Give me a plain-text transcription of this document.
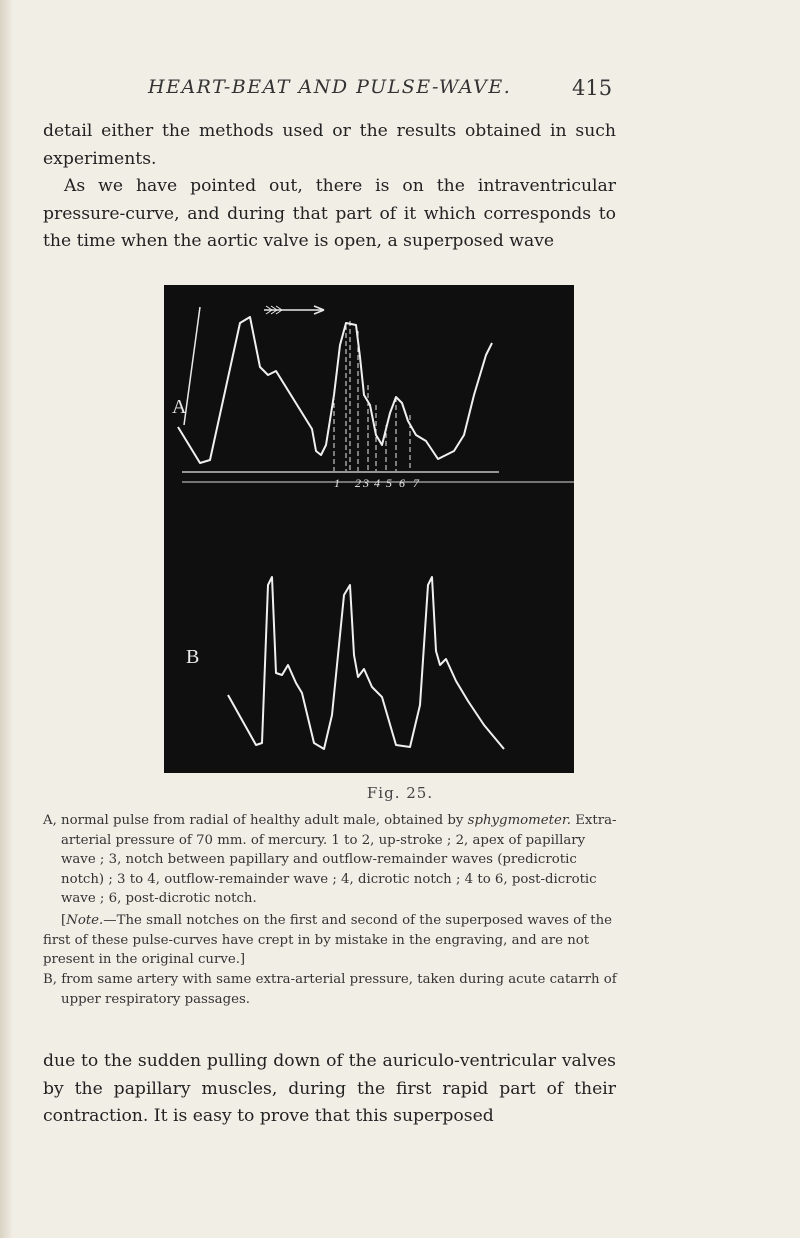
HEART-BEAT AND PULSE-WAVE.	415

detail either the methods used or the results obtained in such experiments.

As we have pointed out, there is on the intraventricular pressure-curve, and during that part of it which corresponds to the time when the aortic valve is open, a superposed wave

A
1 2 3 4 5 6 7
B
Fig. 25.

A, normal pulse from radial of healthy adult male, obtained by sphygmometer. Extra-arterial pressure of 70 mm. of mercury. 1 to 2, up-stroke ; 2, apex of papillary wave ; 3, notch between papillary and outflow-remainder waves (predicrotic notch) ; 3 to 4, outflow-remainder wave ; 4, dicrotic notch ; 4 to 6, post-dicrotic wave ; 6, post-dicrotic notch.

[Note.—The small notches on the first and second of the superposed waves of the first of these pulse-curves have crept in by mistake in the engraving, and are not present in the original curve.]

B, from same artery with same extra-arterial pressure, taken during acute catarrh of upper respiratory passages.

due to the sudden pulling down of the auriculo-ventricular valves by the papillary muscles, during the first rapid part of their contraction. It is easy to prove that this superposed
